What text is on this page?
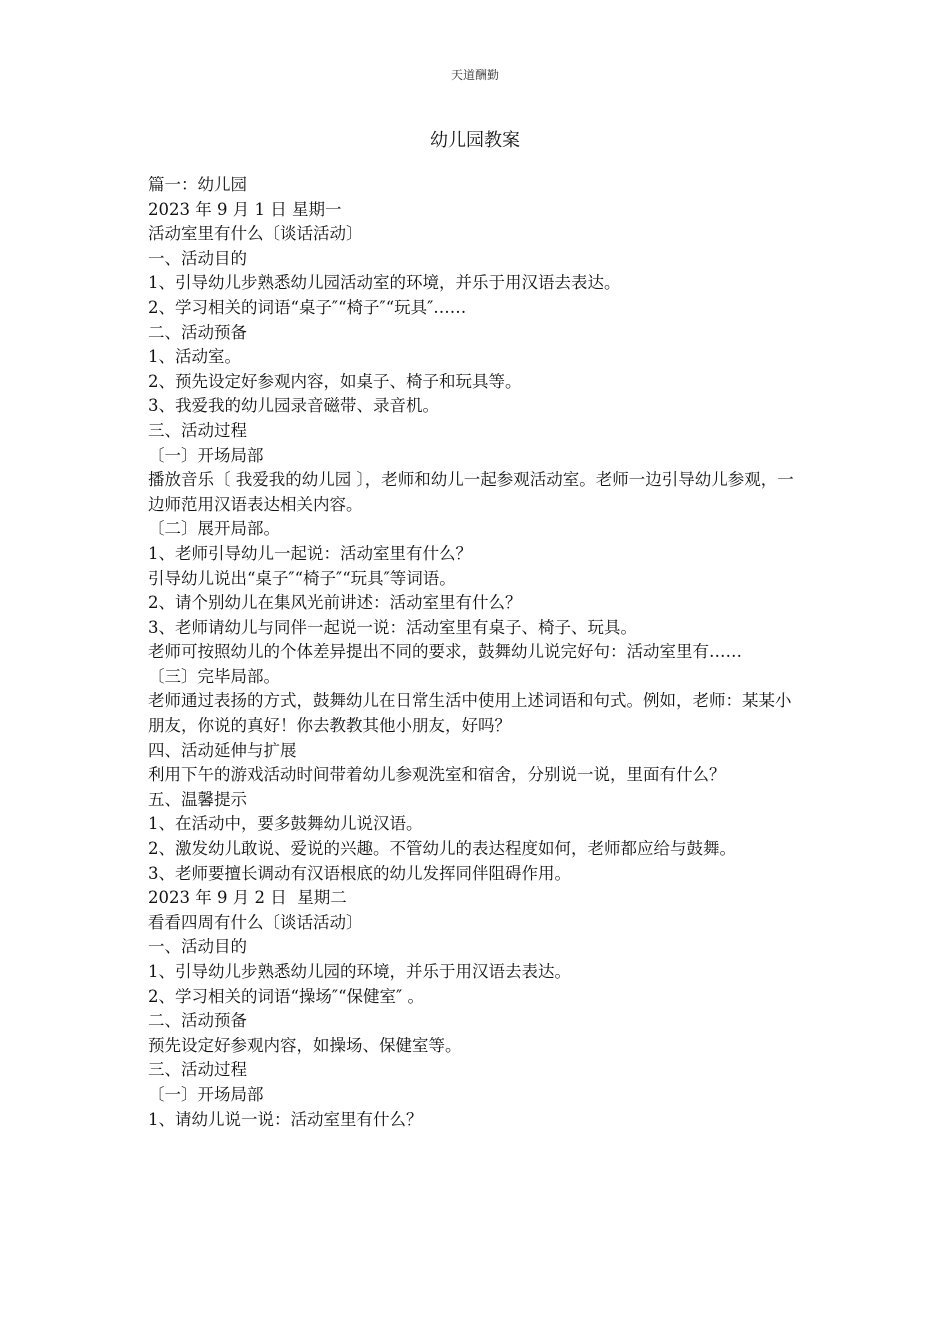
天道酬勤
幼儿园教案

篇一：幼儿园

2023 年 9 月 1 日 星期一

活动室里有什么〔谈话活动〕

一、活动目的

1、引导幼儿步熟悉幼儿园活动室的环境，并乐于用汉语去表达。

2、学习相关的词语“桌子″“椅子″“玩具″……

二、活动预备

1、活动室。

2、预先设定好参观内容，如桌子、椅子和玩具等。

3、我爱我的幼儿园录音磁带、录音机。

三、活动过程

〔一〕开场局部

播放音乐〔 我爱我的幼儿园 〕，老师和幼儿一起参观活动室。老师一边引导幼儿参观，一边师范用汉语表达相关内容。

〔二〕展开局部。

1、老师引导幼儿一起说：活动室里有什么？

引导幼儿说出“桌子″“椅子″“玩具″等词语。

2、请个别幼儿在集风光前讲述：活动室里有什么？

3、老师请幼儿与同伴一起说一说：活动室里有桌子、椅子、玩具。

老师可按照幼儿的个体差异提出不同的要求，鼓舞幼儿说完好句：活动室里有……

〔三〕完毕局部。

老师通过表扬的方式，鼓舞幼儿在日常生活中使用上述词语和句式。例如，老师：某某小朋友，你说的真好！你去教教其他小朋友，好吗？

四、活动延伸与扩展

利用下午的游戏活动时间带着幼儿参观洗室和宿舍，分别说一说，里面有什么？

五、温馨提示

1、在活动中，要多鼓舞幼儿说汉语。

2、激发幼儿敢说、爱说的兴趣。不管幼儿的表达程度如何，老师都应给与鼓舞。

3、老师要擅长调动有汉语根底的幼儿发挥同伴阻碍作用。

2023 年 9 月 2 日  星期二

看看四周有什么〔谈话活动〕

一、活动目的

1、引导幼儿步熟悉幼儿园的环境，并乐于用汉语去表达。

2、学习相关的词语“操场″“保健室″ 。

二、活动预备

预先设定好参观内容，如操场、保健室等。

三、活动过程

〔一〕开场局部

1、请幼儿说一说：活动室里有什么？
